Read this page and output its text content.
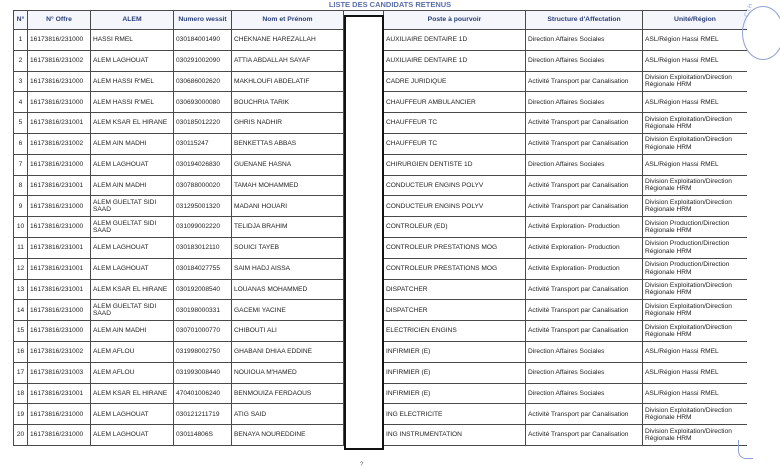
LISTE DES CANDIDATS RETENUS
N°	N° Offre	ALEM	Numero wessit	Nom et Prénom		Poste à pourvoir	Structure d'Affectation	Unité/Région
1	16173816/231000	HASSI RMEL	030184001490	CHEKNANE HAREZALLAH		AUXILIAIRE DENTAIRE 1D	Direction Affaires Sociales	ASL/Région Hassi RMEL
2	16173816/231002	ALEM LAGHOUAT	030291002090	ATTIA ABDALLAH SAYAF		AUXILIAIRE DENTAIRE 1D	Direction Affaires Sociales	ASL/Région Hassi RMEL
3	16173816/231000	ALEM HASSI R'MEL	030686002620	MAKHLOUFI ABDELATIF		CADRE JURIDIQUE	Activité Transport par Canalisation	Division Exploitation/Direction Régionale HRM
4	16173816/231000	ALEM HASSI R'MEL	030693000080	BOUCHRIA TARIK		CHAUFFEUR AMBULANCIER	Direction Affaires Sociales	ASL/Région Hassi RMEL
5	16173816/231001	ALEM KSAR EL HIRANE	030185012220	GHRIS NADHIR		CHAUFFEUR TC	Activité Transport par Canalisation	Division Exploitation/Direction Régionale HRM
6	16173816/231002	ALEM AIN MADHI	030115247	BENKETTAS ABBAS		CHAUFFEUR TC	Activité Transport par Canalisation	Division Exploitation/Direction Régionale HRM
7	16173816/231000	ALEM LAGHOUAT	030194026830	GUENANE HASNA		CHIRURGIEN DENTISTE 1D	Direction Affaires Sociales	ASL/Région Hassi RMEL
8	16173816/231001	ALEM AIN MADHI	030788000020	TAMAH MOHAMMED		CONDUCTEUR ENGINS POLYV	Activité Transport par Canalisation	Division Exploitation/Direction Régionale HRM
9	16173816/231000	ALEM GUELTAT SIDI SAAD	031295001320	MADANI HOUARI		CONDUCTEUR ENGINS POLYV	Activité Transport par Canalisation	Division Exploitation/Direction Régionale HRM
10	16173816/231000	ALEM GUELTAT SIDI SAAD	031099002220	TELIDJA BRAHIM		CONTROLEUR (ED)	Activité Exploration- Production	Division Production/Direction Régionale HRM
11	16173816/231001	ALEM LAGHOUAT	030183012110	SOUICI TAYEB		CONTROLEUR PRESTATIONS MOG	Activité Exploration- Production	Division Production/Direction Régionale HRM
12	16173816/231001	ALEM LAGHOUAT	030184027755	SAIM HADJ AISSA		CONTROLEUR PRESTATIONS MOG	Activité Exploration- Production	Division Production/Direction Régionale HRM
13	16173816/231001	ALEM KSAR EL HIRANE	030192008540	LOUANAS MOHAMMED		DISPATCHER	Activité Transport par Canalisation	Division Exploitation/Direction Régionale HRM
14	16173816/231000	ALEM GUELTAT SIDI SAAD	030198000331	GACEMI YACINE		DISPATCHER	Activité Transport par Canalisation	Division Exploitation/Direction Régionale HRM
15	16173816/231000	ALEM AIN MADHI	030701000770	CHIBOUTI ALI		ELECTRICIEN ENGINS	Activité Transport par Canalisation	Division Exploitation/Direction Régionale HRM
16	16173816/231002	ALEM AFLOU	031998002750	GHABANI DHIAA EDDINE		INFIRMIER (E)	Direction Affaires Sociales	ASL/Région Hassi RMEL
17	16173816/231003	ALEM AFLOU	031993008440	NOUIOUA M'HAMED		INFIRMIER (E)	Direction Affaires Sociales	ASL/Région Hassi RMEL
18	16173816/231001	ALEM KSAR EL HIRANE	470401006240	BENMOUIZA FERDAOUS		INFIRMIER (E)	Direction Affaires Sociales	ASL/Région Hassi RMEL
19	16173816/231000	ALEM LAGHOUAT	030121211719	ATIG SAID		ING ELECTRICITE	Activité Transport par Canalisation	Division Exploitation/Direction Régionale HRM
20	16173816/231000	ALEM LAGHOUAT	030114806S	BENAYA NOUREDDINE		ING INSTRUMENTATION	Activité Transport par Canalisation	Division Exploitation/Direction Régionale HRM
C.I.H
?
